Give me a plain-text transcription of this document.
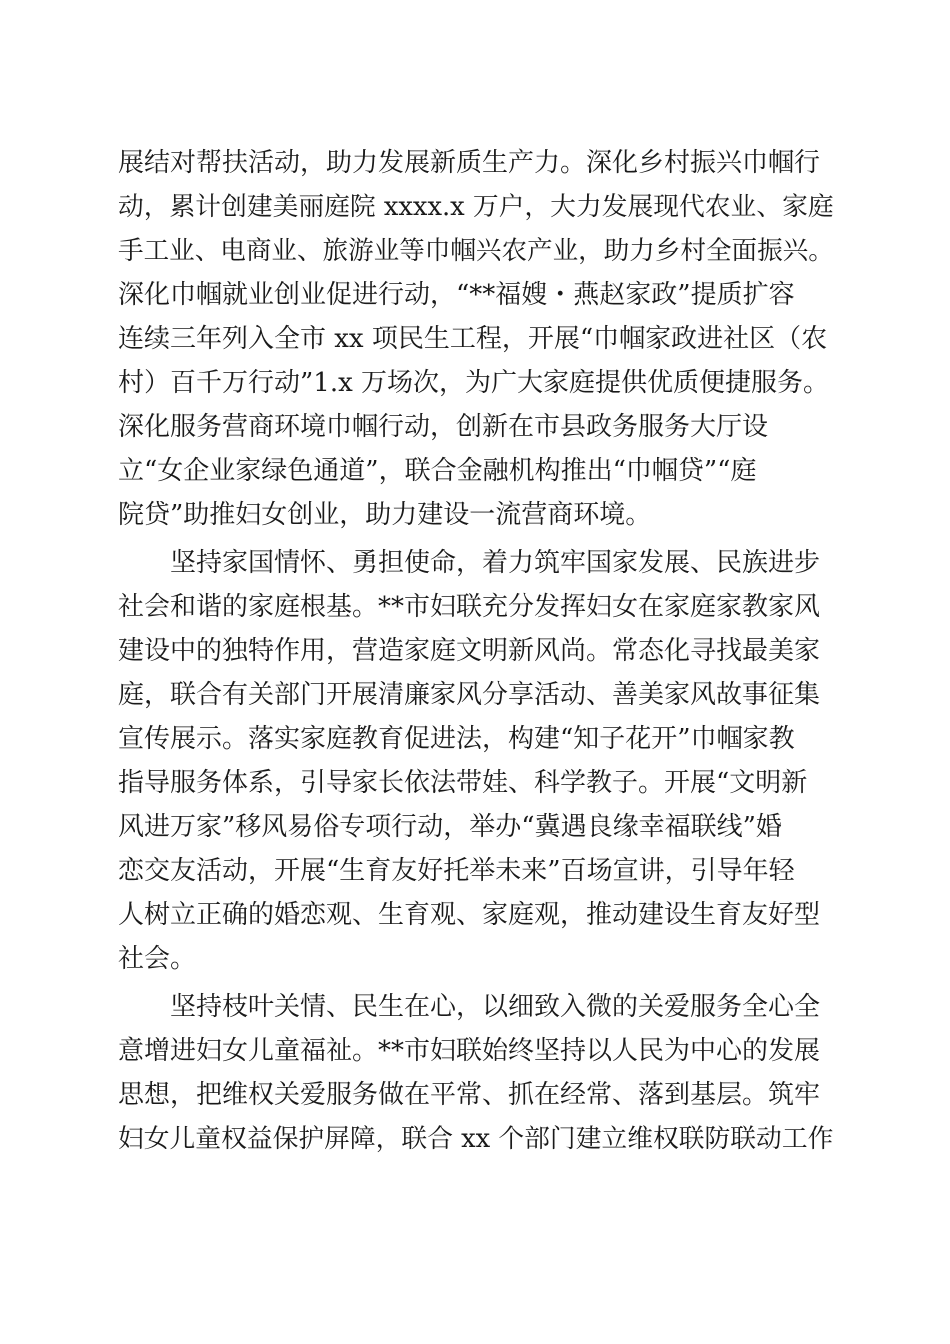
展结对帮扶活动，助力发展新质生产力。深化乡村振兴巾帼行
动，累计创建美丽庭院 xxxx.x 万户，大力发展现代农业、家庭
手工业、电商业、旅游业等巾帼兴农产业，助力乡村全面振兴。
深化巾帼就业创业促进行动，“**福嫂・燕赵家政”提质扩容
连续三年列入全市 xx 项民生工程，开展“巾帼家政进社区（农
村）百千万行动”1.x 万场次，为广大家庭提供优质便捷服务。
深化服务营商环境巾帼行动，创新在市县政务服务大厅设
立“女企业家绿色通道”，联合金融机构推出“巾帼贷”“庭
院贷”助推妇女创业，助力建设一流营商环境。
坚持家国情怀、勇担使命，着力筑牢国家发展、民族进步
社会和谐的家庭根基。**市妇联充分发挥妇女在家庭家教家风
建设中的独特作用，营造家庭文明新风尚。常态化寻找最美家
庭，联合有关部门开展清廉家风分享活动、善美家风故事征集
宣传展示。落实家庭教育促进法，构建“知子花开”巾帼家教
指导服务体系，引导家长依法带娃、科学教子。开展“文明新
风进万家”移风易俗专项行动，举办“冀遇良缘幸福联线”婚
恋交友活动，开展“生育友好托举未来”百场宣讲，引导年轻
人树立正确的婚恋观、生育观、家庭观，推动建设生育友好型
社会。
坚持枝叶关情、民生在心，以细致入微的关爱服务全心全
意增进妇女儿童福祉。**市妇联始终坚持以人民为中心的发展
思想，把维权关爱服务做在平常、抓在经常、落到基层。筑牢
妇女儿童权益保护屏障，联合 xx 个部门建立维权联防联动工作
